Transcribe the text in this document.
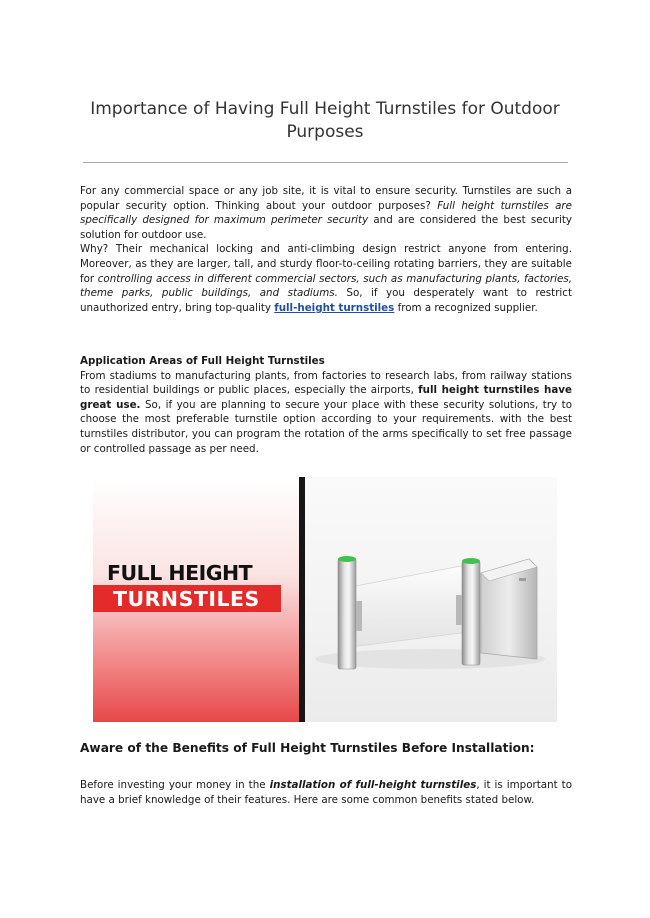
Importance of Having Full Height Turnstiles for Outdoor Purposes

For any commercial space or any job site, it is vital to ensure security. Turnstiles are such a popular security option. Thinking about your outdoor purposes? Full height turnstiles are specifically designed for maximum perimeter security and are considered the best security solution for outdoor use.

Why? Their mechanical locking and anti-climbing design restrict anyone from entering. Moreover, as they are larger, tall, and sturdy floor-to-ceiling rotating barriers, they are suitable for controlling access in different commercial sectors, such as manufacturing plants, factories, theme parks, public buildings, and stadiums. So, if you desperately want to restrict unauthorized entry, bring top-quality full-height turnstiles from a recognized supplier.

Application Areas of Full Height Turnstiles

From stadiums to manufacturing plants, from factories to research labs, from railway stations to residential buildings or public places, especially the airports, full height turnstiles have great use. So, if you are planning to secure your place with these security solutions, try to choose the most preferable turnstile option according to your requirements. with the best turnstiles distributor, you can program the rotation of the arms specifically to set free passage or controlled passage as per need.

FULL HEIGHT
TURNSTILES
Aware of the Benefits of Full Height Turnstiles Before Installation:

Before investing your money in the installation of full-height turnstiles, it is important to have a brief knowledge of their features. Here are some common benefits stated below.
